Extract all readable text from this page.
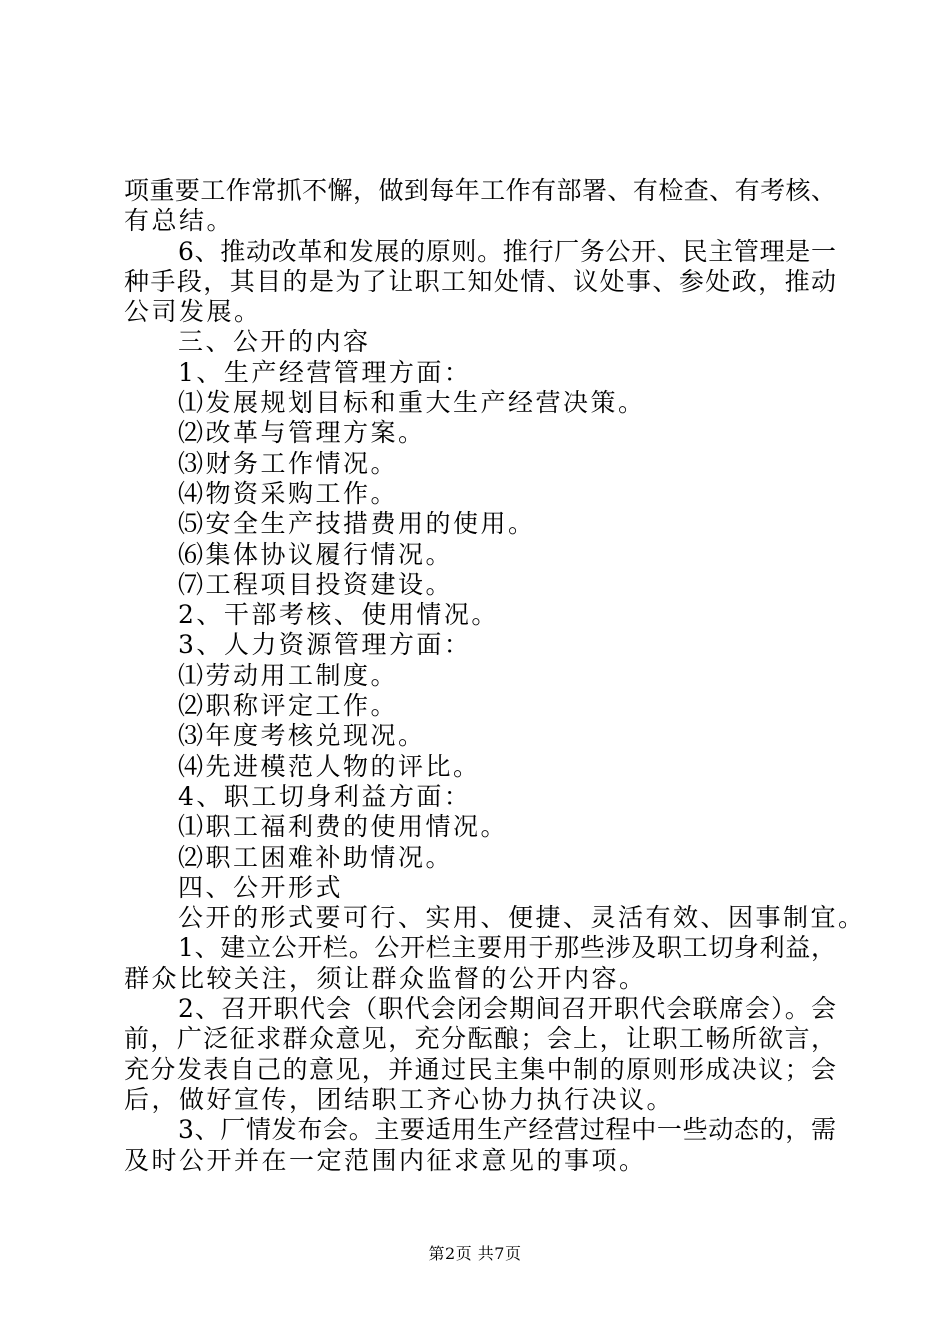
项重要工作常抓不懈，做到每年工作有部署、有检查、有考核、
有总结。
6、推动改革和发展的原则。推行厂务公开、民主管理是一
种手段，其目的是为了让职工知处情、议处事、参处政，推动
公司发展。
三、公开的内容
1、生产经营管理方面：
⑴发展规划目标和重大生产经营决策。
⑵改革与管理方案。
⑶财务工作情况。
⑷物资采购工作。
⑸安全生产技措费用的使用。
⑹集体协议履行情况。
⑺工程项目投资建设。
2、干部考核、使用情况。
3、人力资源管理方面：
⑴劳动用工制度。
⑵职称评定工作。
⑶年度考核兑现况。
⑷先进模范人物的评比。
4、职工切身利益方面：
⑴职工福利费的使用情况。
⑵职工困难补助情况。
四、公开形式
公开的形式要可行、实用、便捷、灵活有效、因事制宜。
1、建立公开栏。公开栏主要用于那些涉及职工切身利益，
群众比较关注，须让群众监督的公开内容。
2、召开职代会（职代会闭会期间召开职代会联席会）。会
前，广泛征求群众意见，充分酝酿；会上，让职工畅所欲言，
充分发表自己的意见，并通过民主集中制的原则形成决议；会
后，做好宣传，团结职工齐心协力执行决议。
3、厂情发布会。主要适用生产经营过程中一些动态的，需
及时公开并在一定范围内征求意见的事项。
第2页 共7页
